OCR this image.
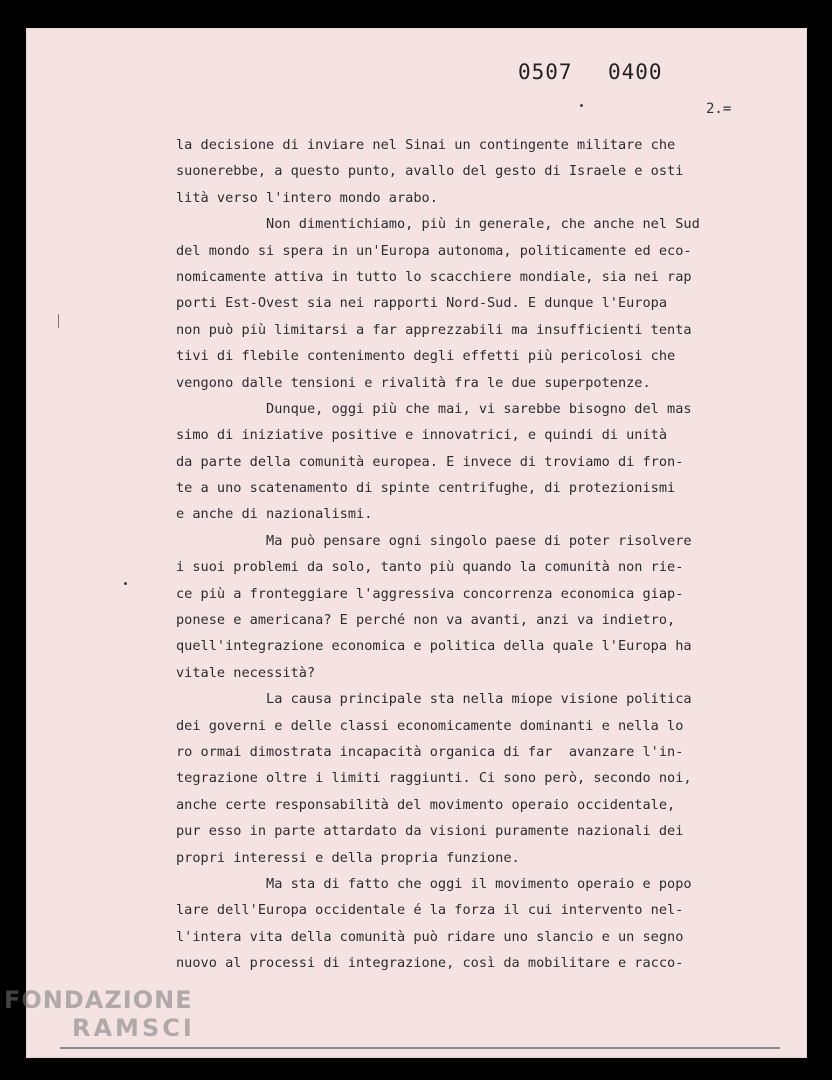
0507 0400
2.=

la decisione di inviare nel Sinai un contingente militare che

suonerebbe, a questo punto, avallo del gesto di Israele e osti

lità verso l'intero mondo arabo.

Non dimentichiamo, più in generale, che anche nel Sud

del mondo si spera in un'Europa autonoma, politicamente ed eco-

nomicamente attiva in tutto lo scacchiere mondiale, sia nei rap

porti Est-Ovest sia nei rapporti Nord-Sud. E dunque l'Europa

non può più limitarsi a far apprezzabili ma insufficienti tenta

tivi di flebile contenimento degli effetti più pericolosi che

vengono dalle tensioni e rivalità fra le due superpotenze.

Dunque, oggi più che mai, vi sarebbe bisogno del mas

simo di iniziative positive e innovatrici, e quindi di unità

da parte della comunità europea. E invece di troviamo di fron-

te a uno scatenamento di spinte centrifughe, di protezionismi

e anche di nazionalismi.

Ma può pensare ogni singolo paese di poter risolvere

i suoi problemi da solo, tanto più quando la comunità non rie-

ce più a fronteggiare l'aggressiva concorrenza economica giap-

ponese e americana? E perché non va avanti, anzi va indietro,

quell'integrazione economica e politica della quale l'Europa ha

vitale necessità?

La causa principale sta nella miope visione politica

dei governi e delle classi economicamente dominanti e nella lo

ro ormai dimostrata incapacità organica di far  avanzare l'in-

tegrazione oltre i limiti raggiunti. Ci sono però, secondo noi,

anche certe responsabilità del movimento operaio occidentale,

pur esso in parte attardato da visioni puramente nazionali dei

propri interessi e della propria funzione.

Ma sta di fatto che oggi il movimento operaio e popo

lare dell'Europa occidentale é la forza il cui intervento nel-

l'intera vita della comunità può ridare uno slancio e un segno

nuovo al processi di integrazione, così da mobilitare e racco-

FONDAZIONE
RAMSCI
